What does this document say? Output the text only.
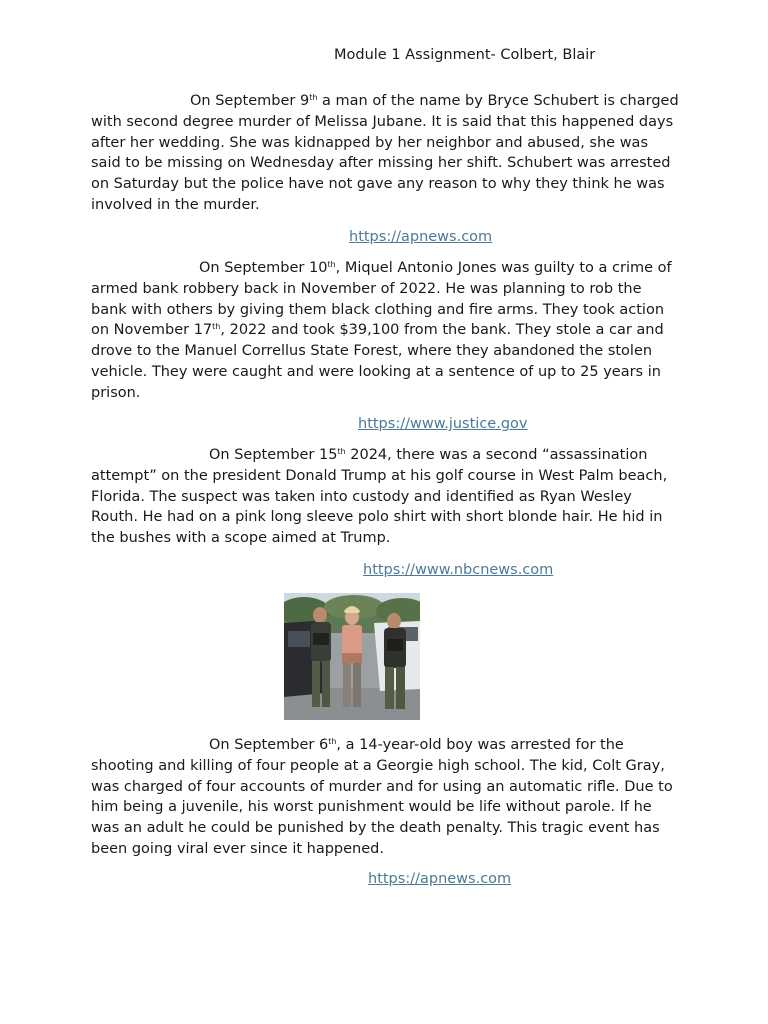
Module 1 Assignment- Colbert, Blair
On September 9th a man of the name by Bryce Schubert is charged with second degree murder of Melissa Jubane. It is said that this happened days after her wedding. She was kidnapped by her neighbor and abused, she was said to be missing on Wednesday after missing her shift. Schubert was arrested on Saturday but the police have not gave any reason to why they think he was involved in the murder.
https://apnews.com
On September 10th, Miquel Antonio Jones was guilty to a crime of armed bank robbery back in November of 2022. He was planning to rob the bank with others by giving them black clothing and fire arms. They took action on November 17th, 2022 and took $39,100 from the bank. They stole a car and drove to the Manuel Correllus State Forest, where they abandoned the stolen vehicle. They were caught and were looking at a sentence of up to 25 years in prison.
https://www.justice.gov
On September 15th 2024, there was a second “assassination attempt” on the president Donald Trump at his golf course in West Palm beach, Florida. The suspect was taken into custody and identified as Ryan Wesley Routh. He had on a pink long sleeve polo shirt with short blonde hair. He hid in the bushes with a scope aimed at Trump.
https://www.nbcnews.com
On September 6th, a 14-year-old boy was arrested for the shooting and killing of four people at a Georgie high school. The kid, Colt Gray, was charged of four accounts of murder and for using an automatic rifle. Due to him being a juvenile, his worst punishment would be life without parole. If he was an adult he could be punished by the death penalty. This tragic event has been going viral ever since it happened.
https://apnews.com
